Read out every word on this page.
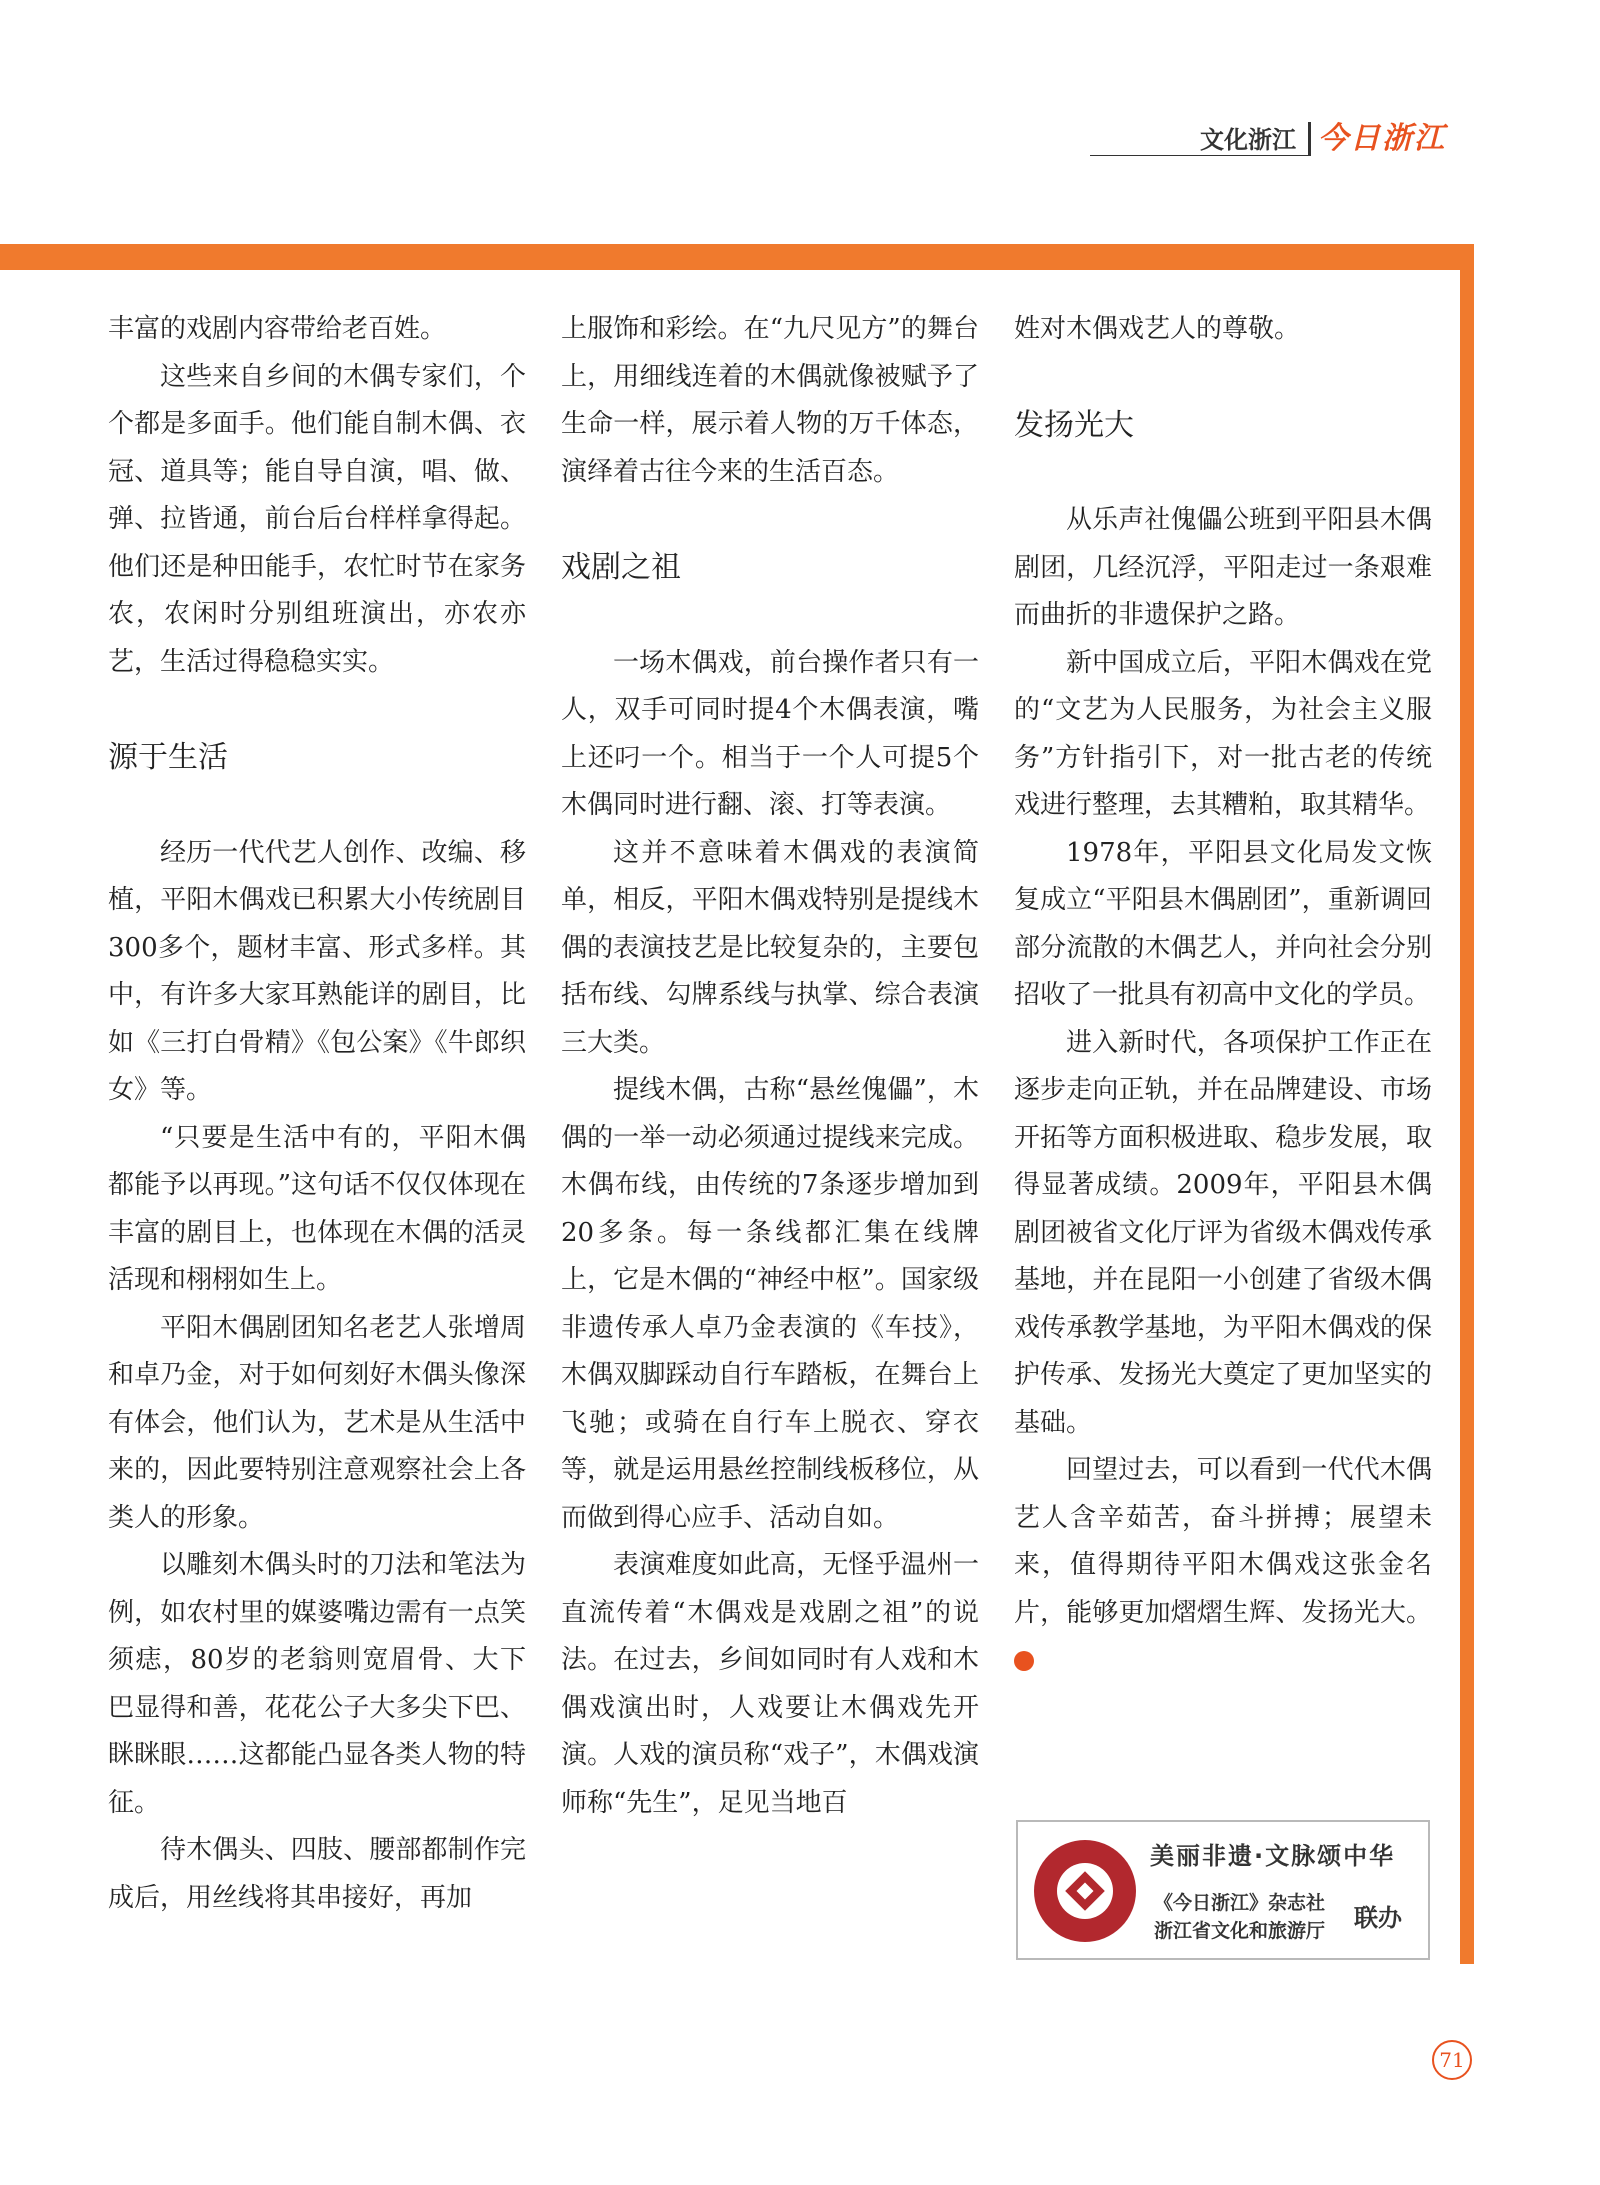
文化浙江 今日浙江

丰富的戏剧内容带给老百姓。

这些来自乡间的木偶专家们，个个都是多面手。他们能自制木偶、衣冠、道具等；能自导自演，唱、做、弹、拉皆通，前台后台样样拿得起。他们还是种田能手，农忙时节在家务农，农闲时分别组班演出，亦农亦艺，生活过得稳稳实实。

源于生活

经历一代代艺人创作、改编、移植，平阳木偶戏已积累大小传统剧目300多个，题材丰富、形式多样。其中，有许多大家耳熟能详的剧目，比如《三打白骨精》《包公案》《牛郎织女》等。

“只要是生活中有的，平阳木偶都能予以再现。”这句话不仅仅体现在丰富的剧目上，也体现在木偶的活灵活现和栩栩如生上。

平阳木偶剧团知名老艺人张增周和卓乃金，对于如何刻好木偶头像深有体会，他们认为，艺术是从生活中来的，因此要特别注意观察社会上各类人的形象。

以雕刻木偶头时的刀法和笔法为例，如农村里的媒婆嘴边需有一点笑须痣，80岁的老翁则宽眉骨、大下巴显得和善，花花公子大多尖下巴、眯眯眼……这都能凸显各类人物的特征。

待木偶头、四肢、腰部都制作完成后，用丝线将其串接好，再加

上服饰和彩绘。在“九尺见方”的舞台上，用细线连着的木偶就像被赋予了生命一样，展示着人物的万千体态，演绎着古往今来的生活百态。

戏剧之祖

一场木偶戏，前台操作者只有一人，双手可同时提4个木偶表演，嘴上还叼一个。相当于一个人可提5个木偶同时进行翻、滚、打等表演。

这并不意味着木偶戏的表演简单，相反，平阳木偶戏特别是提线木偶的表演技艺是比较复杂的，主要包括布线、勾牌系线与执掌、综合表演三大类。

提线木偶，古称“悬丝傀儡”，木偶的一举一动必须通过提线来完成。木偶布线，由传统的7条逐步增加到20多条。每一条线都汇集在线牌上，它是木偶的“神经中枢”。国家级非遗传承人卓乃金表演的《车技》，木偶双脚踩动自行车踏板，在舞台上飞驰；或骑在自行车上脱衣、穿衣等，就是运用悬丝控制线板移位，从而做到得心应手、活动自如。

表演难度如此高，无怪乎温州一直流传着“木偶戏是戏剧之祖”的说法。在过去，乡间如同时有人戏和木偶戏演出时，人戏要让木偶戏先开演。人戏的演员称“戏子”，木偶戏演师称“先生”，足见当地百

姓对木偶戏艺人的尊敬。

发扬光大

从乐声社傀儡公班到平阳县木偶剧团，几经沉浮，平阳走过一条艰难而曲折的非遗保护之路。

新中国成立后，平阳木偶戏在党的“文艺为人民服务，为社会主义服务”方针指引下，对一批古老的传统戏进行整理，去其糟粕，取其精华。

1978年，平阳县文化局发文恢复成立“平阳县木偶剧团”，重新调回部分流散的木偶艺人，并向社会分别招收了一批具有初高中文化的学员。

进入新时代，各项保护工作正在逐步走向正轨，并在品牌建设、市场开拓等方面积极进取、稳步发展，取得显著成绩。2009年，平阳县木偶剧团被省文化厅评为省级木偶戏传承基地，并在昆阳一小创建了省级木偶戏传承教学基地，为平阳木偶戏的保护传承、发扬光大奠定了更加坚实的基础。

回望过去，可以看到一代代木偶艺人含辛茹苦，奋斗拼搏；展望未来，值得期待平阳木偶戏这张金名片，能够更加熠熠生辉、发扬光大。今

美丽非遗·文脉颂中华
《今日浙江》杂志社
浙江省文化和旅游厅 联办
71
